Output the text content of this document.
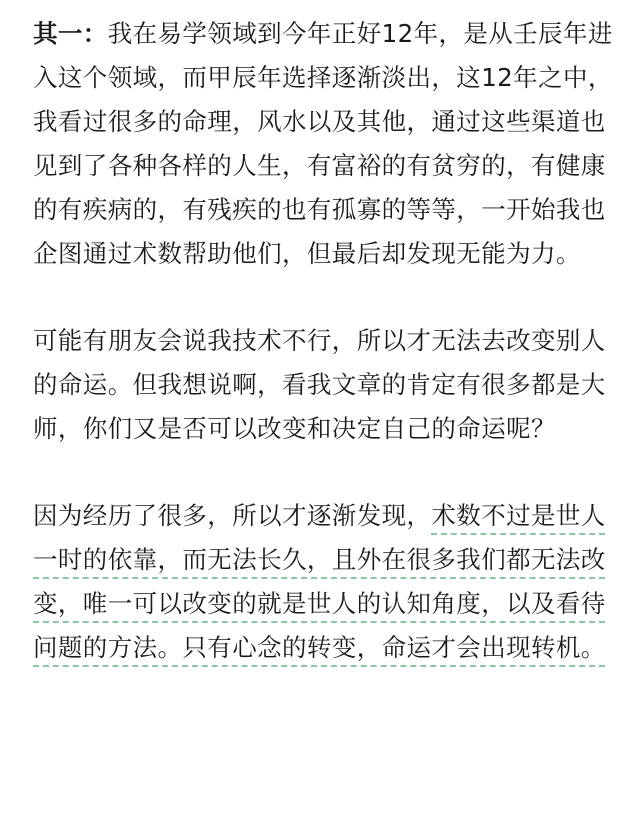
其一：我在易学领域到今年正好12年，是从壬辰年进入这个领域，而甲辰年选择逐渐淡出，这12年之中，我看过很多的命理，风水以及其他，通过这些渠道也见到了各种各样的人生，有富裕的有贫穷的，有健康的有疾病的，有残疾的也有孤寡的等等，一开始我也企图通过术数帮助他们，但最后却发现无能为力。

可能有朋友会说我技术不行，所以才无法去改变别人的命运。但我想说啊，看我文章的肯定有很多都是大师，你们又是否可以改变和决定自己的命运呢？

因为经历了很多，所以才逐渐发现，术数不过是世人一时的依靠，而无法长久，且外在很多我们都无法改变，唯一可以改变的就是世人的认知角度，以及看待问题的方法。只有心念的转变，命运才会出现转机。
